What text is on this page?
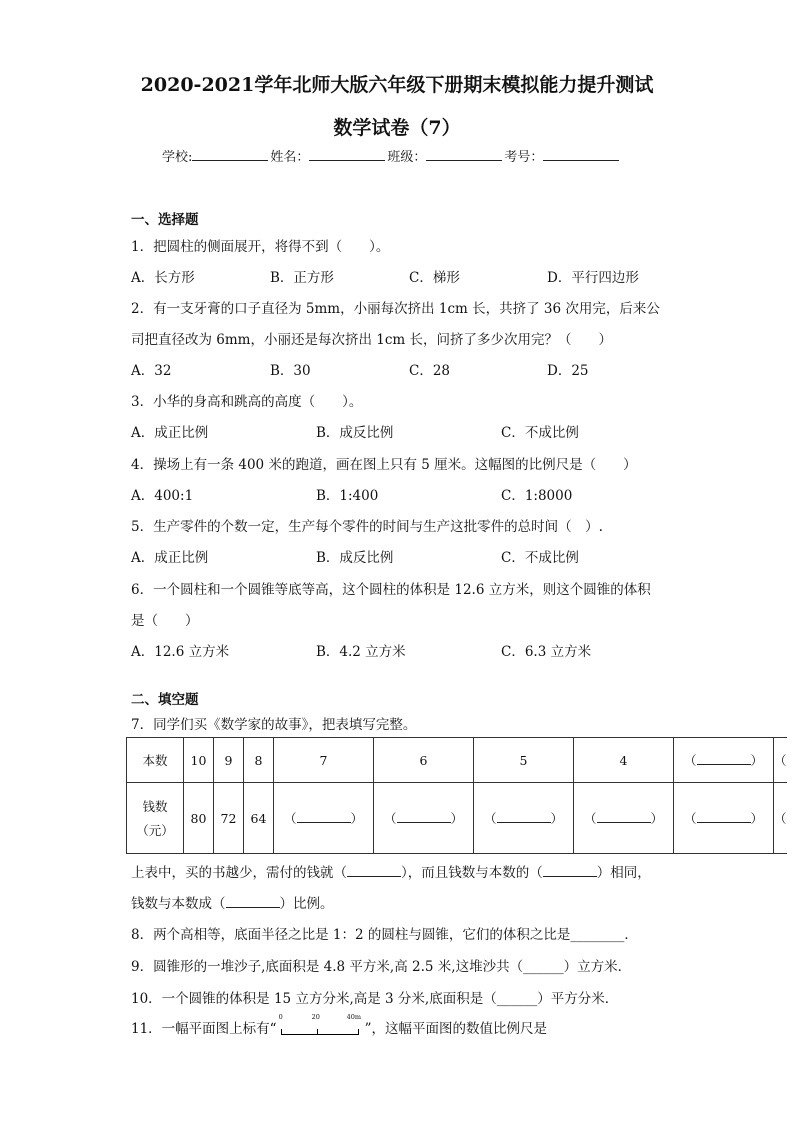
2020-2021学年北师大版六年级下册期末模拟能力提升测试
数学试卷（7）
学校:	姓名：	班级：	考号：
一、选择题
1．把圆柱的侧面展开，将得不到（　　）。
A．长方形	B．正方形	C．梯形	D．平行四边形
2．有一支牙膏的口子直径为 5mm，小丽每次挤出 1cm 长，共挤了 36 次用完，后来公
司把直径改为 6mm，小丽还是每次挤出 1cm 长，问挤了多少次用完？（　　）
A．32	B．30	C．28	D．25
3．小华的身高和跳高的高度（　　）。
A．成正比例	B．成反比例	C．不成比例
4．操场上有一条 400 米的跑道，画在图上只有 5 厘米。这幅图的比例尺是（　　）
A．400:1	B．1:400	C．1:8000
5．生产零件的个数一定，生产每个零件的时间与生产这批零件的总时间（　）.
A．成正比例	B．成反比例	C．不成比例
6．一个圆柱和一个圆锥等底等高，这个圆柱的体积是 12.6 立方米，则这个圆锥的体积
是（　　）
A．12.6 立方米	B．4.2 立方米	C．6.3 立方米
二、填空题
7．同学们买《数学家的故事》，把表填写完整。
本数	10	9	8	7	6	5	4	（ ）	（

钱数
（元）	80	72	64	（ ）	（ ）	（ ）	（ ）	（ ）	（
上表中，买的书越少，需付的钱就（	），而且钱数与本数的（	）相同，
钱数与本数成（	）比例。
8．两个高相等，底面半径之比是 1：2 的圆柱与圆锥，它们的体积之比是________．
9．圆锥形的一堆沙子,底面积是 4.8 平方米,高 2.5 米,这堆沙共（______）立方米．
10．一个圆锥的体积是 15 立方分米,高是 3 分米,底面积是（______）平方分米．
11．一幅平面图上标有“
0	20	40m
”，这幅平面图的数值比例尺是
